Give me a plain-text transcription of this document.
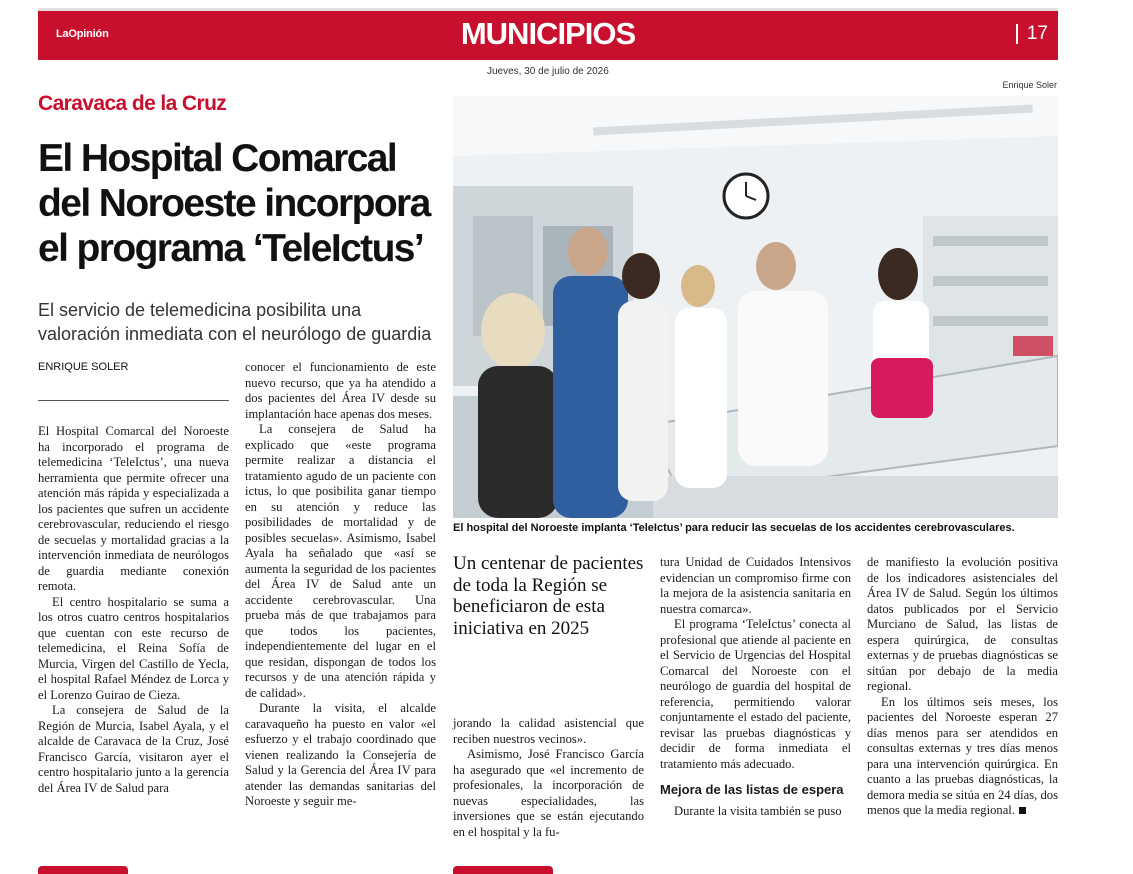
LaOpinión	MUNICIPIOS	17
Jueves, 30 de julio de 2026
Enrique Soler
Caravaca de la Cruz
El Hospital Comarcal
del Noroeste incorpora
el programa ‘TeleIctus’
El servicio de telemedicina posibilita una valoración inmediata con el neurólogo de guardia
ENRIQUE SOLER
El hospital del Noroeste implanta ‘TeleIctus’ para reducir las secuelas de los accidentes cerebrovasculares.

El Hospital Comarcal del Noroeste ha incorporado el programa de telemedicina ‘TeleIctus’, una nueva herramienta que permite ofrecer una atención más rápida y especializada a los pacientes que sufren un accidente cerebrovascular, reduciendo el riesgo de secuelas y mortalidad gracias a la intervención inmediata de neurólogos de guardia mediante conexión remota.

El centro hospitalario se suma a los otros cuatro centros hospitalarios que cuentan con este recurso de telemedicina, el Reina Sofía de Murcia, Virgen del Castillo de Yecla, el hospital Rafael Méndez de Lorca y el Lorenzo Guirao de Cieza.

La consejera de Salud de la Región de Murcia, Isabel Ayala, y el alcalde de Caravaca de la Cruz, José Francisco García, visitaron ayer el centro hospitalario junto a la gerencia del Área IV de Salud para

conocer el funcionamiento de este nuevo recurso, que ya ha atendido a dos pacientes del Área IV desde su implantación hace apenas dos meses.

La consejera de Salud ha explicado que «este programa permite realizar a distancia el tratamiento agudo de un paciente con ictus, lo que posibilita ganar tiempo en su atención y reduce las posibilidades de mortalidad y de posibles secuelas». Asimismo, Isabel Ayala ha señalado que «así se aumenta la seguridad de los pacientes del Área IV de Salud ante un accidente cerebrovascular. Una prueba más de que trabajamos para que todos los pacientes, independientemente del lugar en el que residan, dispongan de todos los recursos y de una atención rápida y de calidad».

Durante la visita, el alcalde caravaqueño ha puesto en valor «el esfuerzo y el trabajo coordinado que vienen realizando la Consejería de Salud y la Gerencia del Área IV para atender las demandas sanitarias del Noroeste y seguir me-

Un centenar de pacientes de toda la Región se beneficiaron de esta iniciativa en 2025

jorando la calidad asistencial que reciben nuestros vecinos».

Asimismo, José Francisco García ha asegurado que «el incremento de profesionales, la incorporación de nuevas especialidades, las inversiones que se están ejecutando en el hospital y la fu-

tura Unidad de Cuidados Intensivos evidencian un compromiso firme con la mejora de la asistencia sanitaria en nuestra comarca».

El programa ‘TeleIctus’ conecta al profesional que atiende al paciente en el Servicio de Urgencias del Hospital Comarcal del Noroeste con el neurólogo de guardia del hospital de referencia, permitiendo valorar conjuntamente el estado del paciente, revisar las pruebas diagnósticas y decidir de forma inmediata el tratamiento más adecuado.

Mejora de las listas de espera

Durante la visita también se puso

de manifiesto la evolución positiva de los indicadores asistenciales del Área IV de Salud. Según los últimos datos publicados por el Servicio Murciano de Salud, las listas de espera quirúrgica, de consultas externas y de pruebas diagnósticas se sitúan por debajo de la media regional.

En los últimos seis meses, los pacientes del Noroeste esperan 27 días menos para ser atendidos en consultas externas y tres días menos para una intervención quirúrgica. En cuanto a las pruebas diagnósticas, la demora media se sitúa en 24 días, dos menos que la media regional.
